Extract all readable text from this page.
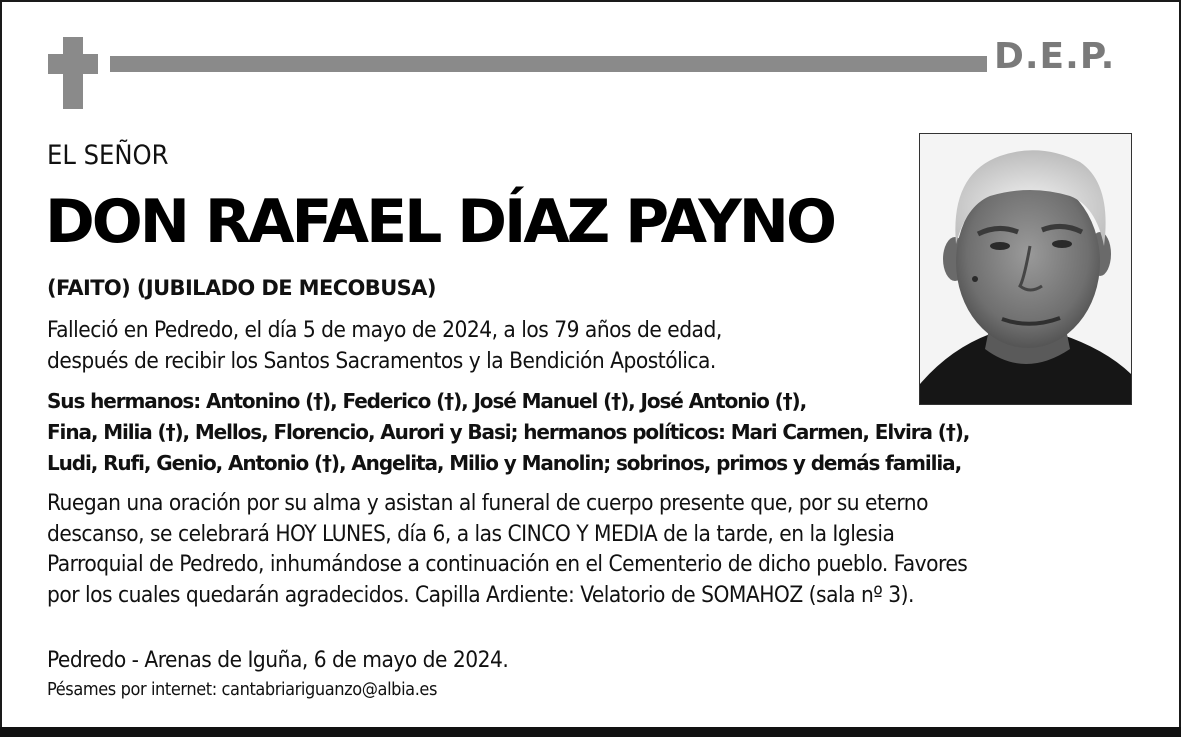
D.E.P.
EL SEÑOR
DON RAFAEL DÍAZ PAYNO
(FAITO) (JUBILADO DE MECOBUSA)
Falleció en Pedredo, el día 5 de mayo de 2024, a los 79 años de edad,
después de recibir los Santos Sacramentos y la Bendición Apostólica.
Sus hermanos: Antonino (†), Federico (†), José Manuel (†), José Antonio (†),
Fina, Milia (†), Mellos, Florencio, Aurori y Basi; hermanos políticos: Mari Carmen, Elvira (†),
Ludi, Rufi, Genio, Antonio (†), Angelita, Milio y Manolin; sobrinos, primos y demás familia,
Ruegan una oración por su alma y asistan al funeral de cuerpo presente que, por su eterno
descanso, se celebrará HOY LUNES, día 6, a las CINCO Y MEDIA de la tarde, en la Iglesia
Parroquial de Pedredo, inhumándose a continuación en el Cementerio de dicho pueblo. Favores
por los cuales quedarán agradecidos. Capilla Ardiente: Velatorio de SOMAHOZ (sala nº 3).
Pedredo - Arenas de Iguña, 6 de mayo de 2024.
Pésames por internet: cantabriariguanzo@albia.es
